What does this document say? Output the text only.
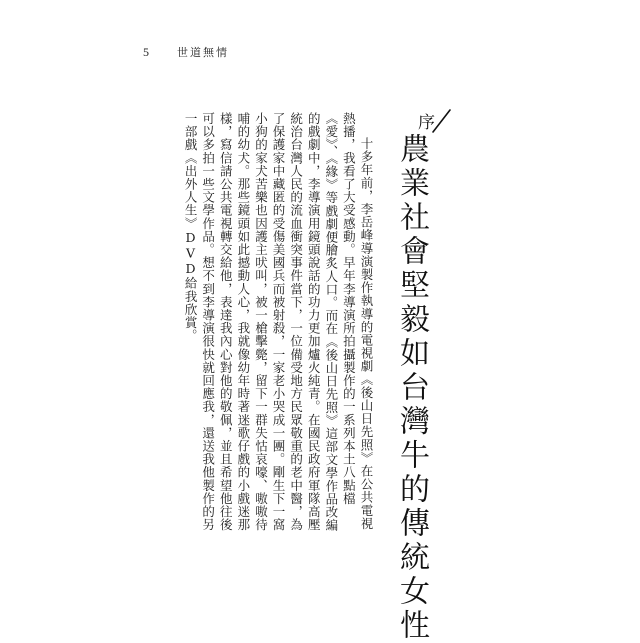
5	世道無情
序
農業社會堅毅如台灣牛的傳統女性

十多年前，李岳峰導演製作執導的電視劇《後山日先照》在公共電視熱播，我看了大受感動。早年李導演所拍攝製作的一系列本土八點檔《愛》、《緣》等戲劇便膾炙人口。而在《後山日先照》這部文學作品改編的戲劇中，李導演用鏡頭說話的功力更加爐火純青。在國民政府軍隊高壓統治台灣人民的流血衝突事件當下，一位備受地方民眾敬重的老中醫，為了保護家中藏匿的受傷美國兵而被射殺，一家老小哭成一團。剛生下一窩小狗的家犬苦樂也因護主吠叫，被一槍擊斃，留下一群失怙哀嚎、嗷嗷待哺的幼犬。那些鏡頭如此撼動人心，我就像幼年時著迷歌仔戲的小戲迷那樣，寫信請公共電視轉交給他，表達我內心對他的敬佩，並且希望他往後可以多拍一些文學作品。想不到李導演很快就回應我，還送我他製作的另一部戲《出外人生》DVD給我欣賞。
